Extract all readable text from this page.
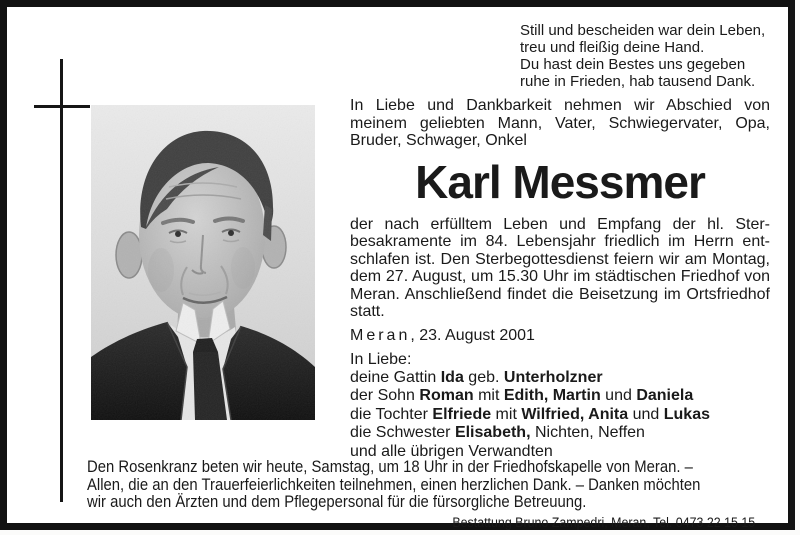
Still und bescheiden war dein Leben,
treu und fleißig deine Hand.
Du hast dein Bestes uns gegeben
ruhe in Frieden, hab tausend Dank.

In Liebe und Dankbarkeit nehmen wir Abschied von meinem geliebten Mann, Vater, Schwiegervater, Opa, Bruder, Schwager, Onkel

Karl Messmer

der nach erfülltem Leben und Empfang der hl. Sterbesakramente im 84. Lebensjahr friedlich im Herrn entschlafen ist. Den Sterbegottesdienst feiern wir am Montag, dem 27. August, um 15.30 Uhr im städtischen Friedhof von Meran. Anschließend findet die Beisetzung im Ortsfriedhof statt.

Meran, 23. August 2001
In Liebe:
deine Gattin Ida geb. Unterholzner
der Sohn Roman mit Edith, Martin und Daniela
die Tochter Elfriede mit Wilfried, Anita und Lukas
die Schwester Elisabeth, Nichten, Neffen
und alle übrigen Verwandten
Den Rosenkranz beten wir heute, Samstag, um 18 Uhr in der Friedhofskapelle von Meran. –
Allen, die an den Trauerfeierlichkeiten teilnehmen, einen herzlichen Dank. – Danken möchten
wir auch den Ärzten und dem Pflegepersonal für die fürsorgliche Betreuung.
Bestattung Bruno Zampedri, Meran, Tel. 0473 22 15 15
